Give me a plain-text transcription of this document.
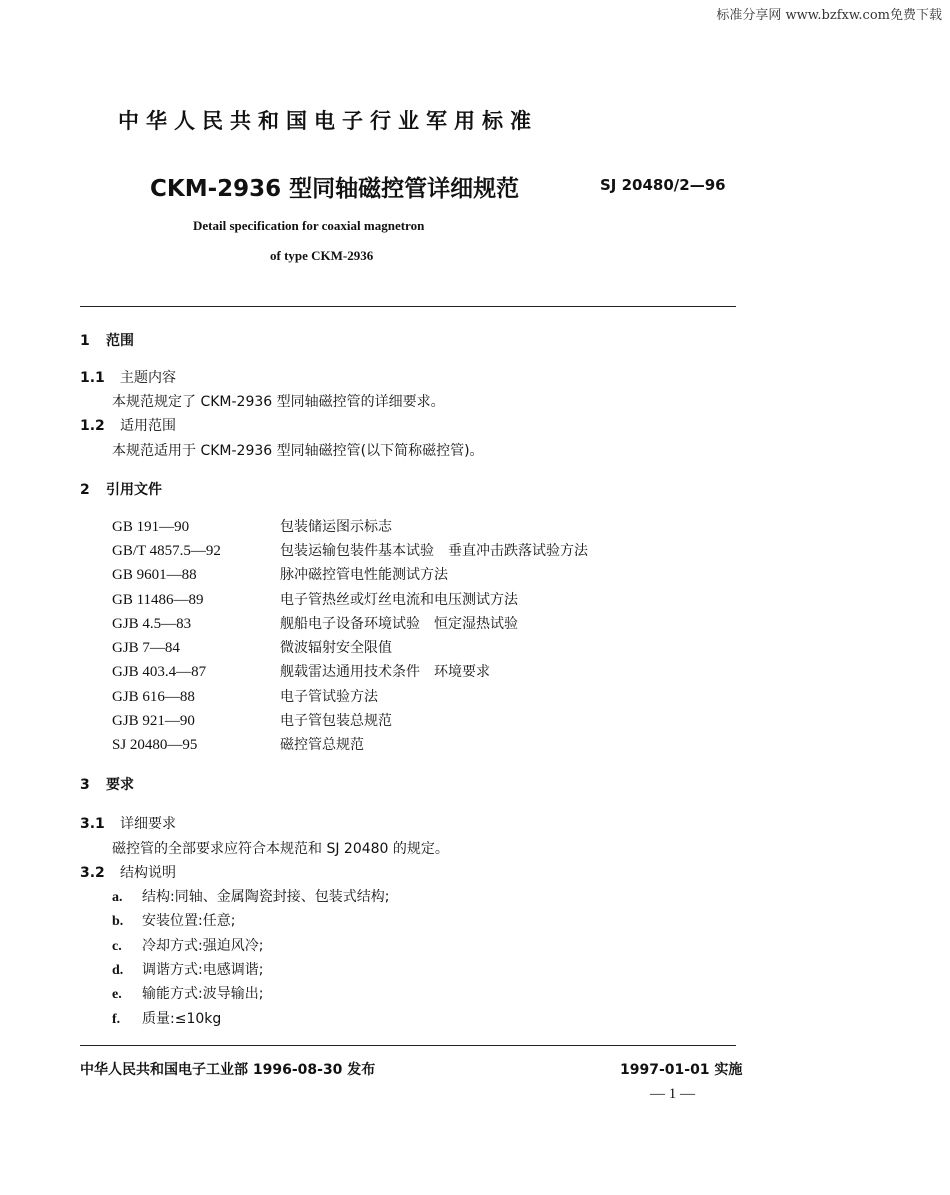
标准分享网 www.bzfxw.com免费下载
中华人民共和国电子行业军用标准
CKM-2936 型同轴磁控管详细规范	SJ 20480/2—96
Detail specification for coaxial magnetron
of type CKM-2936
1 范围
1.1 主题内容
本规范规定了 CKM-2936 型同轴磁控管的详细要求。
1.2 适用范围
本规范适用于 CKM-2936 型同轴磁控管(以下简称磁控管)。
2 引用文件
GB 191—90	包装储运图示标志
GB/T 4857.5—92	包装运输包装件基本试验　垂直冲击跌落试验方法
GB 9601—88	脉冲磁控管电性能测试方法
GB 11486—89	电子管热丝或灯丝电流和电压测试方法
GJB 4.5—83	舰船电子设备环境试验　恒定湿热试验
GJB 7—84	微波辐射安全限值
GJB 403.4—87	舰载雷达通用技术条件　环境要求
GJB 616—88	电子管试验方法
GJB 921—90	电子管包装总规范
SJ 20480—95	磁控管总规范
3 要求
3.1 详细要求
磁控管的全部要求应符合本规范和 SJ 20480 的规定。
3.2 结构说明
a. 结构:同轴、金属陶瓷封接、包装式结构;
b. 安装位置:任意;
c. 冷却方式:强迫风冷;
d. 调谐方式:电感调谐;
e. 输能方式:波导输出;
f. 质量:≤10kg
中华人民共和国电子工业部 1996-08-30 发布	1997-01-01 实施
— 1 —
